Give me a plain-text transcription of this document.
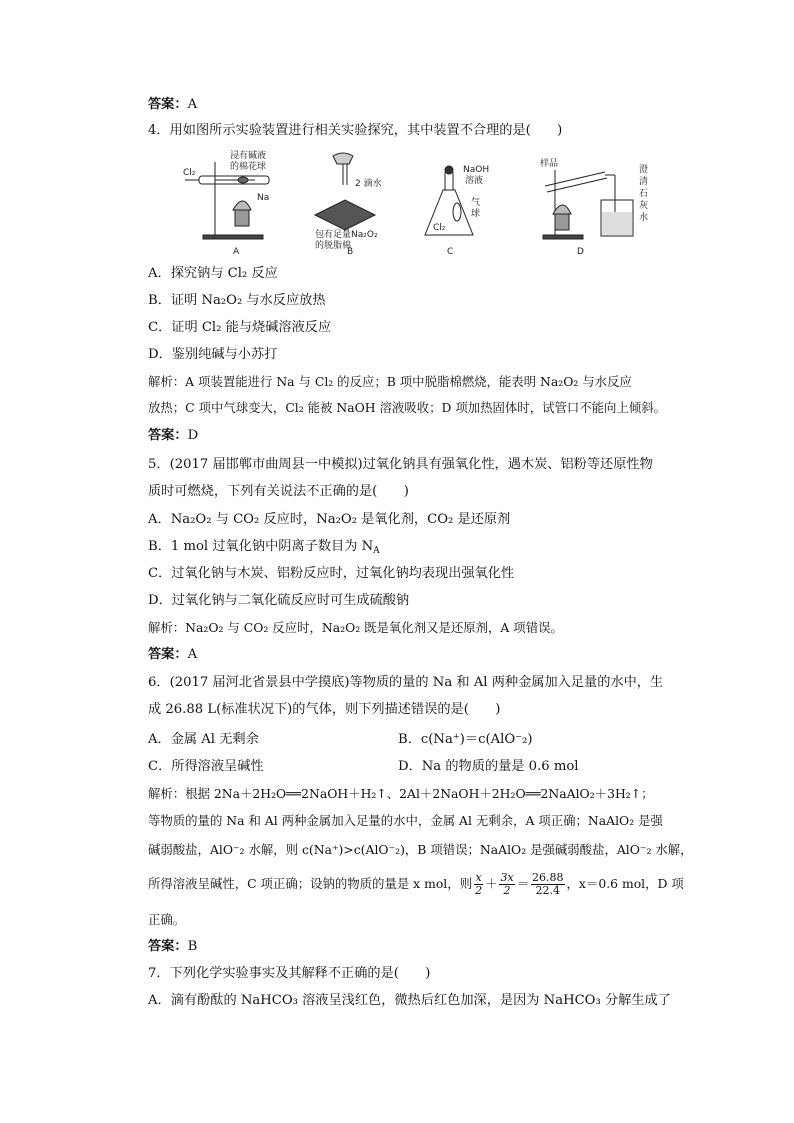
答案：A
4．用如图所示实验装置进行相关实验探究，其中装置不合理的是(　　)
浸有碱液
的棉花球
Cl₂
Na
A
2 滴水
包有足量Na₂O₂
的脱脂棉
B
NaOH
溶液
气
球
Cl₂
C
样品
澄
清
石
灰
水
D
A．探究钠与 Cl₂ 反应
B．证明 Na₂O₂ 与水反应放热
C．证明 Cl₂ 能与烧碱溶液反应
D．鉴别纯碱与小苏打
解析：A 项装置能进行 Na 与 Cl₂ 的反应；B 项中脱脂棉燃烧，能表明 Na₂O₂ 与水反应
放热；C 项中气球变大，Cl₂ 能被 NaOH 溶液吸收；D 项加热固体时，试管口不能向上倾斜。
答案：D
5．(2017 届邯郸市曲周县一中模拟)过氧化钠具有强氧化性，遇木炭、铝粉等还原性物
质时可燃烧，下列有关说法不正确的是(　　)
A．Na₂O₂ 与 CO₂ 反应时，Na₂O₂ 是氧化剂，CO₂ 是还原剂
B．1 mol 过氧化钠中阴离子数目为 $N_A$
C．过氧化钠与木炭、铝粉反应时，过氧化钠均表现出强氧化性
D．过氧化钠与二氧化硫反应时可生成硫酸钠
解析：Na₂O₂ 与 CO₂ 反应时，Na₂O₂ 既是氧化剂又是还原剂，A 项错误。
答案：A
6．(2017 届河北省景县中学摸底)等物质的量的 Na 和 Al 两种金属加入足量的水中，生
成 26.88 L(标准状况下)的气体，则下列描述错误的是(　　)
A．金属 Al 无剩余	B．c(Na⁺)＝c(AlO⁻₂)
C．所得溶液呈碱性	D．Na 的物质的量是 0.6 mol
解析：根据 2Na＋2H₂O══2NaOH＋H₂↑、2Al＋2NaOH＋2H₂O══2NaAlO₂＋3H₂↑；
等物质的量的 Na 和 Al 两种金属加入足量的水中，金属 Al 无剩余，A 项正确；NaAlO₂ 是强
碱弱酸盐，AlO⁻₂ 水解，则 c(Na⁺)>c(AlO⁻₂)，B 项错误；NaAlO₂ 是强碱弱酸盐，AlO⁻₂ 水解，
所得溶液呈碱性，C 项正确；设钠的物质的量是 x mol，则 $\frac{x}{2} + \frac{3x}{2} = \frac{26.88}{22.4}$ ，x＝0.6 mol，D 项
正确。
答案：B
7．下列化学实验事实及其解释不正确的是(　　)
A．滴有酚酞的 NaHCO₃ 溶液呈浅红色，微热后红色加深，是因为 NaHCO₃ 分解生成了
